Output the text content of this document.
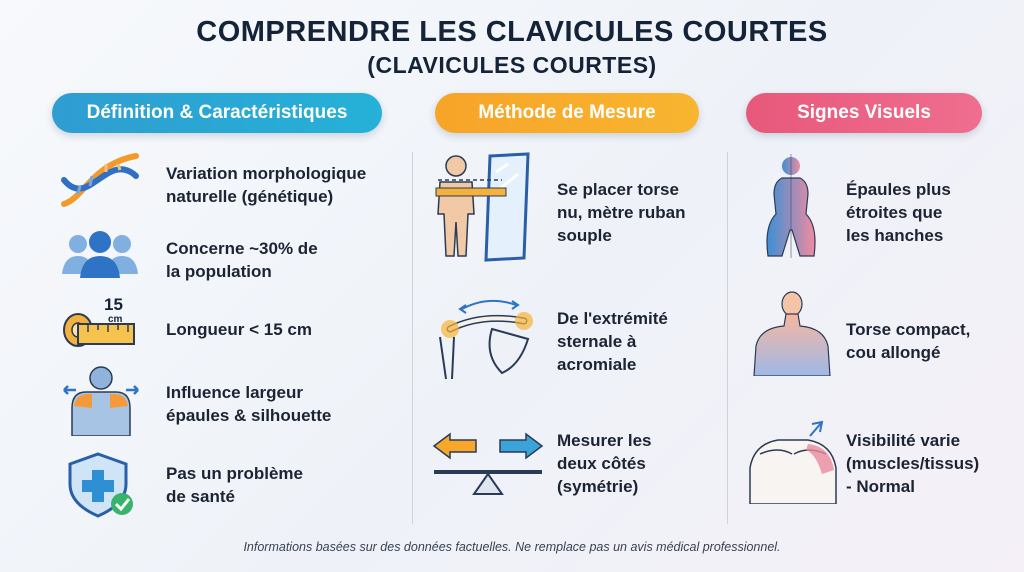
COMPRENDRE LES CLAVICULES COURTES
(CLAVICULES COURTES)
Définition & Caractéristiques	Méthode de Mesure	Signes Visuels
Variation morphologique
naturelle (génétique)
Concerne ~30% de
la population
15
cm
Longueur < 15 cm
Influence largeur
épaules & silhouette
Pas un problème
de santé
Se placer torse
nu, mètre ruban
souple
De l'extrémité
sternale à
acromiale
Mesurer les
deux côtés
(symétrie)
Épaules plus
étroites que
les hanches
Torse compact,
cou allongé
Visibilité varie
(muscles/tissus)
- Normal
Informations basées sur des données factuelles. Ne remplace pas un avis médical professionnel.
